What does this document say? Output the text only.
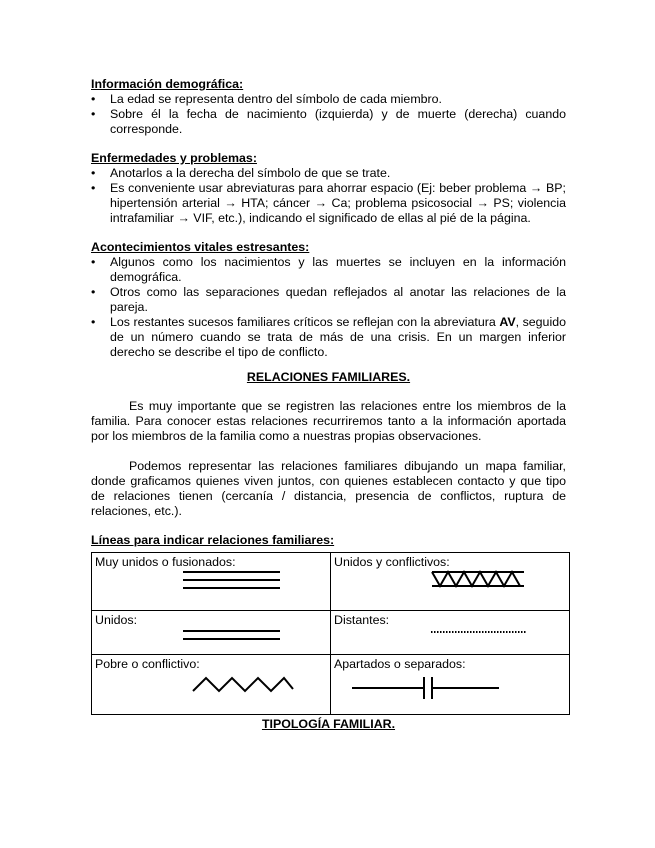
Información demográfica:

• La edad se representa dentro del símbolo de cada miembro.
• Sobre él la fecha de nacimiento (izquierda) y de muerte (derecha) cuando corresponde.

Enfermedades y problemas:

• Anotarlos a la derecha del símbolo de que se trate.
• Es conveniente usar abreviaturas para ahorrar espacio (Ej: beber problema → BP; hipertensión arterial → HTA; cáncer → Ca; problema psicosocial → PS; violencia intrafamiliar → VIF, etc.), indicando el significado de ellas al pié de la página.

Acontecimientos vitales estresantes:

• Algunos como los nacimientos y las muertes se incluyen en la información demográfica.
• Otros como las separaciones quedan reflejados al anotar las relaciones de la pareja.
• Los restantes sucesos familiares críticos se reflejan con la abreviatura AV, seguido de un número cuando se trata de más de una crisis. En un margen inferior derecho se describe el tipo de conflicto.
RELACIONES FAMILIARES.

Es muy importante que se registren las relaciones entre los miembros de la familia. Para conocer estas relaciones recurriremos tanto a la información aportada por los miembros de la familia como a nuestras propias observaciones.

Podemos representar las relaciones familiares dibujando un mapa familiar, donde graficamos quienes viven juntos, con quienes establecen contacto y que tipo de relaciones tienen (cercanía / distancia, presencia de conflictos, ruptura de relaciones, etc.).

Líneas para indicar relaciones familiares:

Muy unidos o fusionados:	Unidos y conflictivos:

Unidos:	Distantes:

Pobre o conflictivo:	Apartados o separados:
TIPOLOGÍA FAMILIAR.
